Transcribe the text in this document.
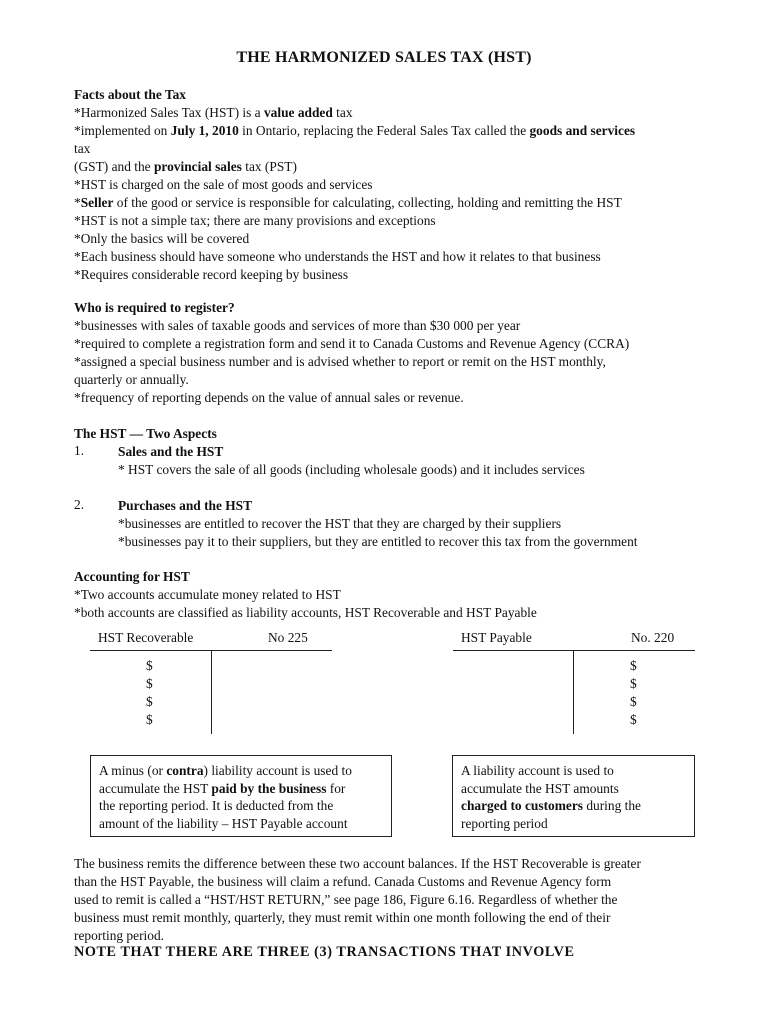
THE HARMONIZED SALES TAX (HST)
Facts about the Tax
*Harmonized Sales Tax (HST) is a value added tax
*implemented on July 1, 2010 in Ontario, replacing the Federal Sales Tax called the goods and services
tax
(GST) and the provincial sales tax (PST)
*HST is charged on the sale of most goods and services
*Seller of the good or service is responsible for calculating, collecting, holding and remitting the HST
*HST is not a simple tax; there are many provisions and exceptions
*Only the basics will be covered
*Each business should have someone who understands the HST and how it relates to that business
*Requires considerable record keeping by business
Who is required to register?
*businesses with sales of taxable goods and services of more than $30 000 per year
*required to complete a registration form and send it to Canada Customs and Revenue Agency (CCRA)
*assigned a special business number and is advised whether to report or remit on the HST monthly,
quarterly or annually.
*frequency of reporting depends on the value of annual sales or revenue.
The HST — Two Aspects
1.	Sales and the HST
* HST covers the sale of all goods (including wholesale goods) and it includes services
2.	Purchases and the HST
*businesses are entitled to recover the HST that they are charged by their suppliers
*businesses pay it to their suppliers, but they are entitled to recover this tax from the government
Accounting for HST
*Two accounts accumulate money related to HST
*both accounts are classified as liability accounts, HST Recoverable and HST Payable
HST Recoverable	No 225
$
$
$
$
HST Payable	No. 220
$
$
$
$
A minus (or contra) liability account is used to
accumulate the HST paid by the business for
the reporting period. It is deducted from the
amount of the liability – HST Payable account
A liability account is used to
accumulate the HST amounts
charged to customers during the
reporting period
The business remits the difference between these two account balances. If the HST Recoverable is greater
than the HST Payable, the business will claim a refund. Canada Customs and Revenue Agency form
used to remit is called a “HST/HST RETURN,” see page 186, Figure 6.16. Regardless of whether the
business must remit monthly, quarterly, they must remit within one month following the end of their
reporting period.
NOTE THAT THERE ARE THREE (3) TRANSACTIONS THAT INVOLVE
